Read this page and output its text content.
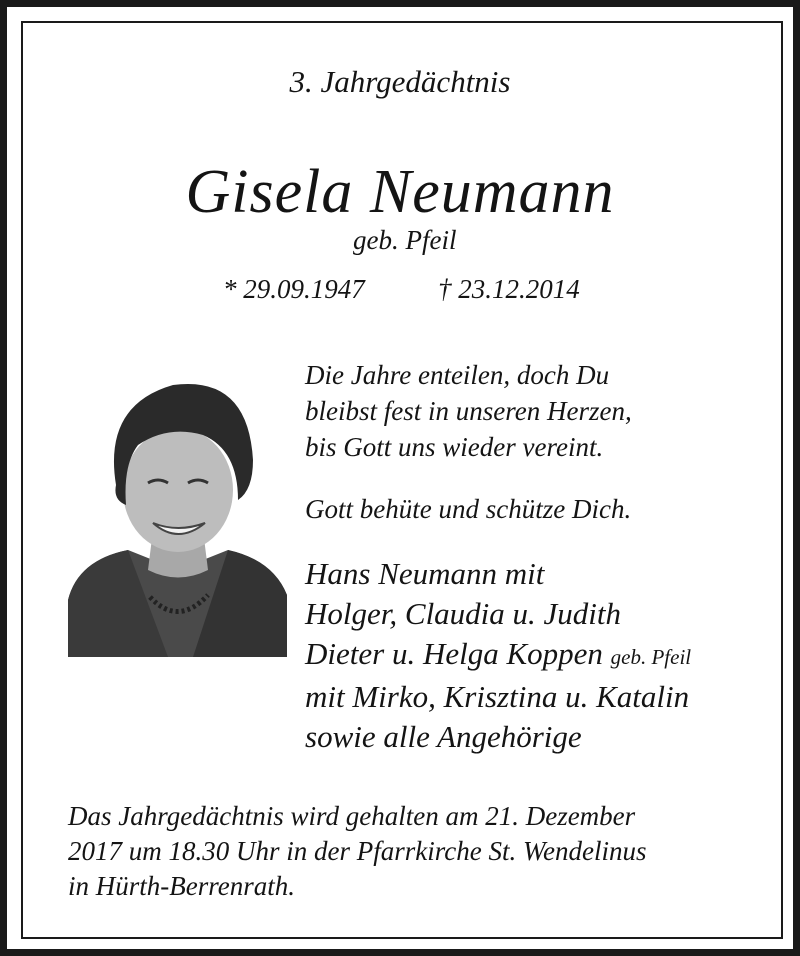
3. Jahrgedächtnis
Gisela Neumann
geb. Pfeil
* 29.09.1947	† 23.12.2014
Die Jahre enteilen, doch Du
bleibst fest in unseren Herzen,
bis Gott uns wieder vereint.
Gott behüte und schütze Dich.
Hans Neumann mit
Holger, Claudia u. Judith
Dieter u. Helga Koppen geb. Pfeil
mit Mirko, Krisztina u. Katalin
sowie alle Angehörige
Das Jahrgedächtnis wird gehalten am 21. Dezember
2017 um 18.30 Uhr in der Pfarrkirche St. Wendelinus
in Hürth-Berrenrath.
